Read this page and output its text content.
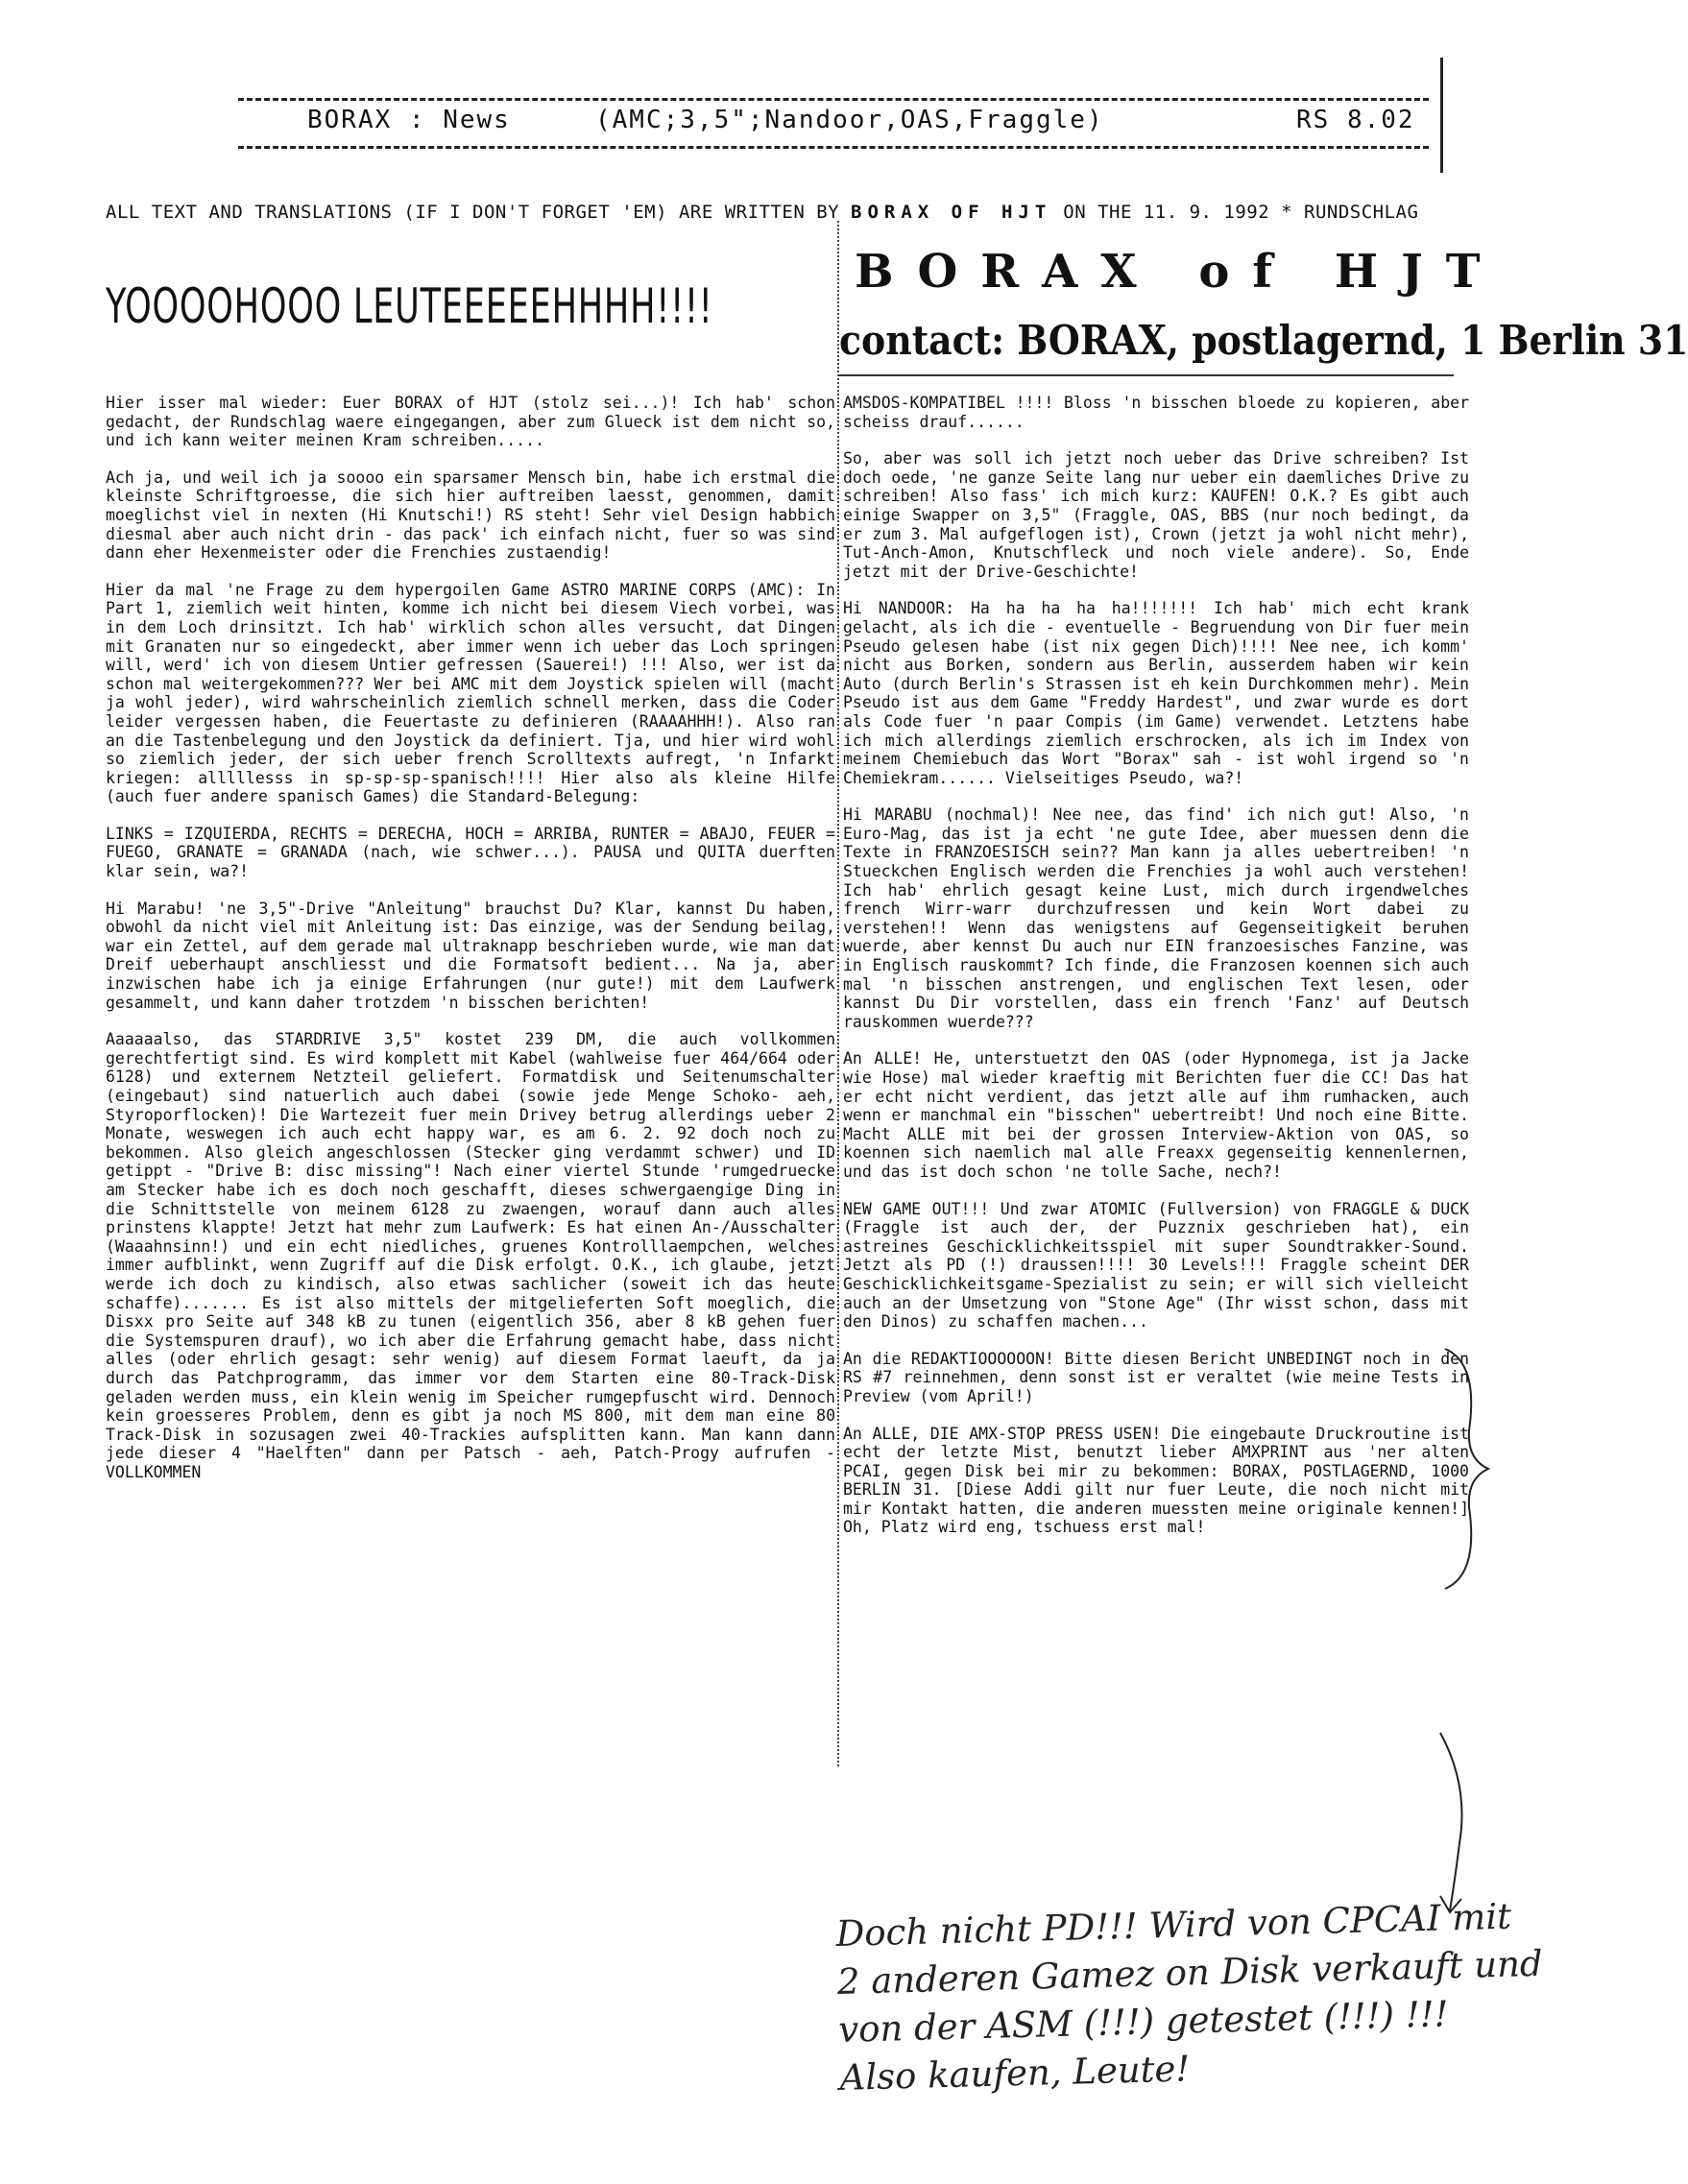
BORAX : News	(AMC;3,5";Nandoor,OAS,Fraggle)	RS 8.02
ALL TEXT AND TRANSLATIONS (IF I DON'T FORGET 'EM) ARE WRITTEN BY BORAX OF HJT ON THE 11. 9. 1992 * RUNDSCHLAG
YOOOOHOOO LEUTEEEEEHHHH!!!!

Hier isser mal wieder: Euer BORAX of HJT (stolz sei...)! Ich hab' schon gedacht, der Rundschlag waere eingegangen, aber zum Glueck ist dem nicht so, und ich kann weiter meinen Kram schreiben.....

Ach ja, und weil ich ja soooo ein sparsamer Mensch bin, habe ich erstmal die kleinste Schriftgroesse, die sich hier auftreiben laesst, genommen, damit moeglichst viel in nexten (Hi Knutschi!) RS steht! Sehr viel Design habbich diesmal aber auch nicht drin - das pack' ich einfach nicht, fuer so was sind dann eher Hexenmeister oder die Frenchies zustaendig!

Hier da mal 'ne Frage zu dem hypergoilen Game ASTRO MARINE CORPS (AMC): In Part 1, ziemlich weit hinten, komme ich nicht bei diesem Viech vorbei, was in dem Loch drinsitzt. Ich hab' wirklich schon alles versucht, dat Dingen mit Granaten nur so eingedeckt, aber immer wenn ich ueber das Loch springen will, werd' ich von diesem Untier gefressen (Sauerei!) !!! Also, wer ist da schon mal weitergekommen??? Wer bei AMC mit dem Joystick spielen will (macht ja wohl jeder), wird wahrscheinlich ziemlich schnell merken, dass die Coder leider vergessen haben, die Feuertaste zu definieren (RAAAAHHH!). Also ran an die Tastenbelegung und den Joystick da definiert. Tja, und hier wird wohl so ziemlich jeder, der sich ueber french Scrolltexts aufregt, 'n Infarkt kriegen: alllllesss in sp-sp-sp-spanisch!!!! Hier also als kleine Hilfe (auch fuer andere spanisch Games) die Standard-Belegung:

LINKS = IZQUIERDA, RECHTS = DERECHA, HOCH = ARRIBA, RUNTER = ABAJO, FEUER = FUEGO, GRANATE = GRANADA (nach, wie schwer...). PAUSA und QUITA duerften klar sein, wa?!

Hi Marabu! 'ne 3,5"-Drive "Anleitung" brauchst Du? Klar, kannst Du haben, obwohl da nicht viel mit Anleitung ist: Das einzige, was der Sendung beilag, war ein Zettel, auf dem gerade mal ultraknapp beschrieben wurde, wie man dat Dreif ueberhaupt anschliesst und die Formatsoft bedient... Na ja, aber inzwischen habe ich ja einige Erfahrungen (nur gute!) mit dem Laufwerk gesammelt, und kann daher trotzdem 'n bisschen berichten!

Aaaaaalso, das STARDRIVE 3,5" kostet 239 DM, die auch vollkommen gerechtfertigt sind. Es wird komplett mit Kabel (wahlweise fuer 464/664 oder 6128) und externem Netzteil geliefert. Formatdisk und Seitenumschalter (eingebaut) sind natuerlich auch dabei (sowie jede Menge Schoko- aeh, Styroporflocken)! Die Wartezeit fuer mein Drivey betrug allerdings ueber 2 Monate, weswegen ich auch echt happy war, es am 6. 2. 92 doch noch zu bekommen. Also gleich angeschlossen (Stecker ging verdammt schwer) und ID getippt - "Drive B: disc missing"! Nach einer viertel Stunde 'rumgedruecke am Stecker habe ich es doch noch geschafft, dieses schwergaengige Ding in die Schnittstelle von meinem 6128 zu zwaengen, worauf dann auch alles prinstens klappte! Jetzt hat mehr zum Laufwerk: Es hat einen An-/Ausschalter (Waaahnsinn!) und ein echt niedliches, gruenes Kontrolllaempchen, welches immer aufblinkt, wenn Zugriff auf die Disk erfolgt. O.K., ich glaube, jetzt werde ich doch zu kindisch, also etwas sachlicher (soweit ich das heute schaffe)....... Es ist also mittels der mitgelieferten Soft moeglich, die Disxx pro Seite auf 348 kB zu tunen (eigentlich 356, aber 8 kB gehen fuer die Systemspuren drauf), wo ich aber die Erfahrung gemacht habe, dass nicht alles (oder ehrlich gesagt: sehr wenig) auf diesem Format laeuft, da ja durch das Patchprogramm, das immer vor dem Starten eine 80-Track-Disk geladen werden muss, ein klein wenig im Speicher rumgepfuscht wird. Dennoch kein groesseres Problem, denn es gibt ja noch MS 800, mit dem man eine 80 Track-Disk in sozusagen zwei 40-Trackies aufsplitten kann. Man kann dann jede dieser 4 "Haelften" dann per Patsch - aeh, Patch-Progy aufrufen - VOLLKOMMEN

BORAX of HJT
contact: BORAX, postlagernd, 1 Berlin 31

AMSDOS-KOMPATIBEL !!!! Bloss 'n bisschen bloede zu kopieren, aber scheiss drauf......

So, aber was soll ich jetzt noch ueber das Drive schreiben? Ist doch oede, 'ne ganze Seite lang nur ueber ein daemliches Drive zu schreiben! Also fass' ich mich kurz: KAUFEN! O.K.? Es gibt auch einige Swapper on 3,5" (Fraggle, OAS, BBS (nur noch bedingt, da er zum 3. Mal aufgeflogen ist), Crown (jetzt ja wohl nicht mehr), Tut-Anch-Amon, Knutschfleck und noch viele andere). So, Ende jetzt mit der Drive-Geschichte!

Hi NANDOOR: Ha ha ha ha ha!!!!!!! Ich hab' mich echt krank gelacht, als ich die - eventuelle - Begruendung von Dir fuer mein Pseudo gelesen habe (ist nix gegen Dich)!!!! Nee nee, ich komm' nicht aus Borken, sondern aus Berlin, ausserdem haben wir kein Auto (durch Berlin's Strassen ist eh kein Durchkommen mehr). Mein Pseudo ist aus dem Game "Freddy Hardest", und zwar wurde es dort als Code fuer 'n paar Compis (im Game) verwendet. Letztens habe ich mich allerdings ziemlich erschrocken, als ich im Index von meinem Chemiebuch das Wort "Borax" sah - ist wohl irgend so 'n Chemiekram...... Vielseitiges Pseudo, wa?!

Hi MARABU (nochmal)! Nee nee, das find' ich nich gut! Also, 'n Euro-Mag, das ist ja echt 'ne gute Idee, aber muessen denn die Texte in FRANZOESISCH sein?? Man kann ja alles uebertreiben! 'n Stueckchen Englisch werden die Frenchies ja wohl auch verstehen! Ich hab' ehrlich gesagt keine Lust, mich durch irgendwelches french Wirr-warr durchzufressen und kein Wort dabei zu verstehen!! Wenn das wenigstens auf Gegenseitigkeit beruhen wuerde, aber kennst Du auch nur EIN franzoesisches Fanzine, was in Englisch rauskommt? Ich finde, die Franzosen koennen sich auch mal 'n bisschen anstrengen, und englischen Text lesen, oder kannst Du Dir vorstellen, dass ein french 'Fanz' auf Deutsch rauskommen wuerde???

An ALLE! He, unterstuetzt den OAS (oder Hypnomega, ist ja Jacke wie Hose) mal wieder kraeftig mit Berichten fuer die CC! Das hat er echt nicht verdient, das jetzt alle auf ihm rumhacken, auch wenn er manchmal ein "bisschen" uebertreibt! Und noch eine Bitte. Macht ALLE mit bei der grossen Interview-Aktion von OAS, so koennen sich naemlich mal alle Freaxx gegenseitig kennenlernen, und das ist doch schon 'ne tolle Sache, nech?!

NEW GAME OUT!!! Und zwar ATOMIC (Fullversion) von FRAGGLE & DUCK (Fraggle ist auch der, der Puzznix geschrieben hat), ein astreines Geschicklichkeitsspiel mit super Soundtrakker-Sound. Jetzt als PD (!) draussen!!!! 30 Levels!!! Fraggle scheint DER Geschicklichkeitsgame-Spezialist zu sein; er will sich vielleicht auch an der Umsetzung von "Stone Age" (Ihr wisst schon, dass mit den Dinos) zu schaffen machen...

An die REDAKTIOOOOOON! Bitte diesen Bericht UNBEDINGT noch in den RS #7 reinnehmen, denn sonst ist er veraltet (wie meine Tests in Preview (vom April!)

An ALLE, DIE AMX-STOP PRESS USEN! Die eingebaute Druckroutine ist echt der letzte Mist, benutzt lieber AMXPRINT aus 'ner alten PCAI, gegen Disk bei mir zu bekommen: BORAX, POSTLAGERND, 1000 BERLIN 31. [Diese Addi gilt nur fuer Leute, die noch nicht mit mir Kontakt hatten, die anderen muessten meine originale kennen!] Oh, Platz wird eng, tschuess erst mal!

Doch nicht PD!!! Wird von CPCAI mit
2 anderen Gamez on Disk verkauft und
von der ASM (!!!) getestet (!!!) !!!
Also kaufen, Leute!
